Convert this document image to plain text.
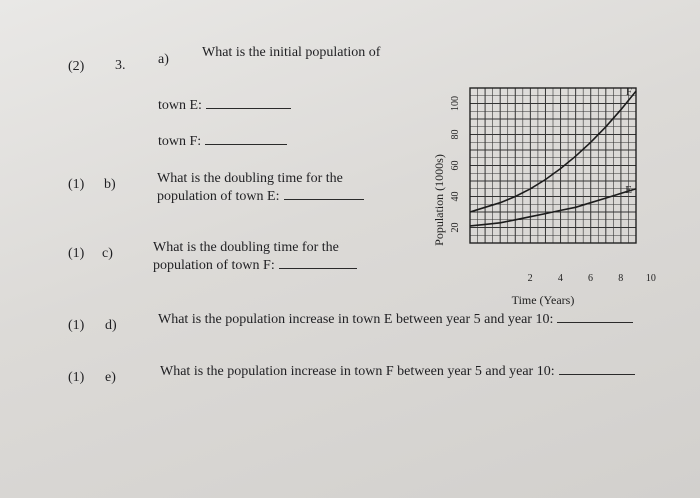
(2) 3.
(1)
(1)
(1)
(1)
a) What is the initial population of
town E:
town F:
b)	What is the doubling time for the
population of town E:
c)	What is the doubling time for the
population of town F:
d)	What is the population increase in town E between year 5 and year 10:
e)	What is the population increase in town F between year 5 and year 10:
20
40
60
80
100
2	4	6	8 10
F
E
Time (Years)
Population (1000s)
